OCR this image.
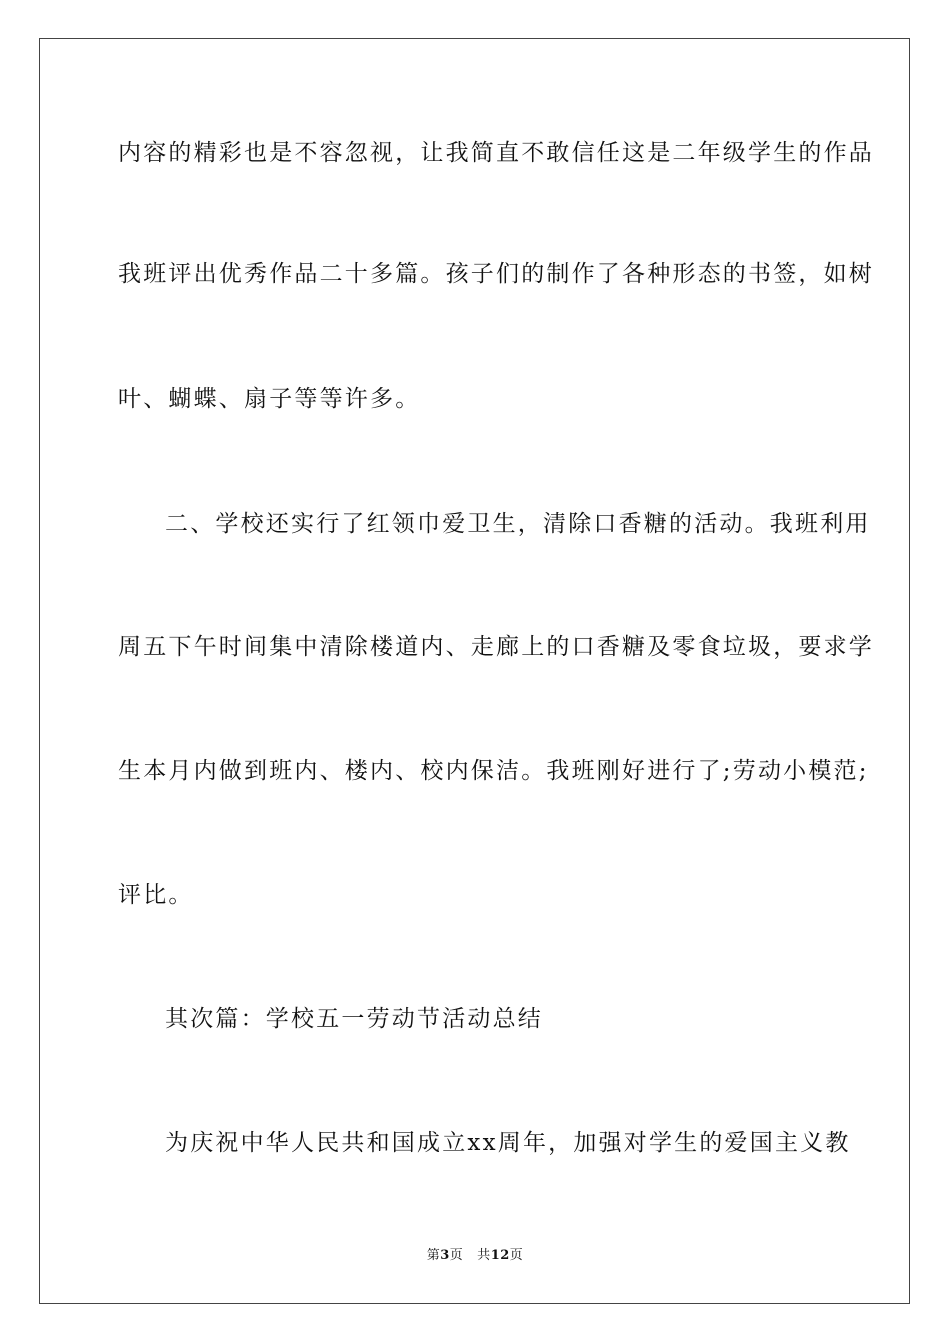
内容的精彩也是不容忽视，让我简直不敢信任这是二年级学生的作品
我班评出优秀作品二十多篇。孩子们的制作了各种形态的书签，如树
叶、蝴蝶、扇子等等许多。
二、学校还实行了红领巾爱卫生，清除口香糖的活动。我班利用
周五下午时间集中清除楼道内、走廊上的口香糖及零食垃圾，要求学
生本月内做到班内、楼内、校内保洁。我班刚好进行了;劳动小模范;
评比。
其次篇：学校五一劳动节活动总结
为庆祝中华人民共和国成立xx周年，加强对学生的爱国主义教
第3页 共12页
